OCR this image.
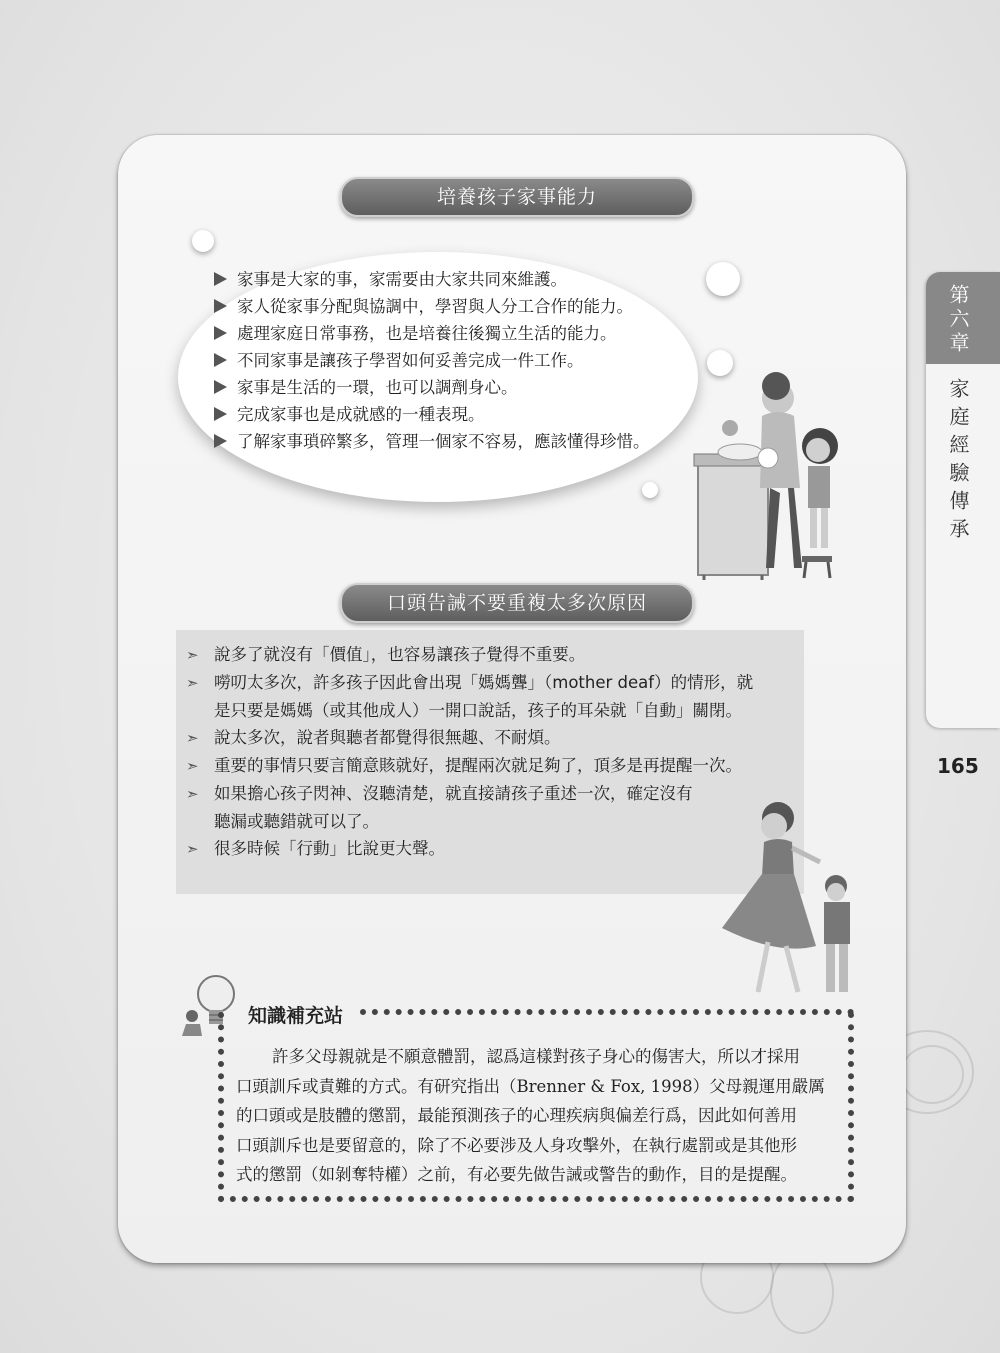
第六章
家庭經驗傳承
165
培養孩子家事能力
家事是大家的事，家需要由大家共同來維護。
家人從家事分配與協調中，學習與人分工合作的能力。
處理家庭日常事務，也是培養往後獨立生活的能力。
不同家事是讓孩子學習如何妥善完成一件工作。
家事是生活的一環，也可以調劑身心。
完成家事也是成就感的一種表現。
了解家事瑣碎繁多，管理一個家不容易，應該懂得珍惜。
口頭告誡不要重複太多次原因
➣ 說多了就沒有「價值」，也容易讓孩子覺得不重要。
➣ 嘮叨太多次，許多孩子因此會出現「媽媽聾」（mother deaf）的情形，就
是只要是媽媽（或其他成人）一開口說話，孩子的耳朵就「自動」關閉。
➣ 說太多次，說者與聽者都覺得很無趣、不耐煩。
➣ 重要的事情只要言簡意賅就好，提醒兩次就足夠了，頂多是再提醒一次。
➣ 如果擔心孩子閃神、沒聽清楚，就直接請孩子重述一次，確定沒有
聽漏或聽錯就可以了。
➣ 很多時候「行動」比說更大聲。
知識補充站
許多父母親就是不願意體罰，認爲這樣對孩子身心的傷害大，所以才採用
口頭訓斥或責難的方式。有研究指出（Brenner & Fox, 1998）父母親運用嚴厲
的口頭或是肢體的懲罰，最能預測孩子的心理疾病與偏差行爲，因此如何善用
口頭訓斥也是要留意的，除了不必要涉及人身攻擊外，在執行處罰或是其他形
式的懲罰（如剝奪特權）之前，有必要先做告誡或警告的動作，目的是提醒。
